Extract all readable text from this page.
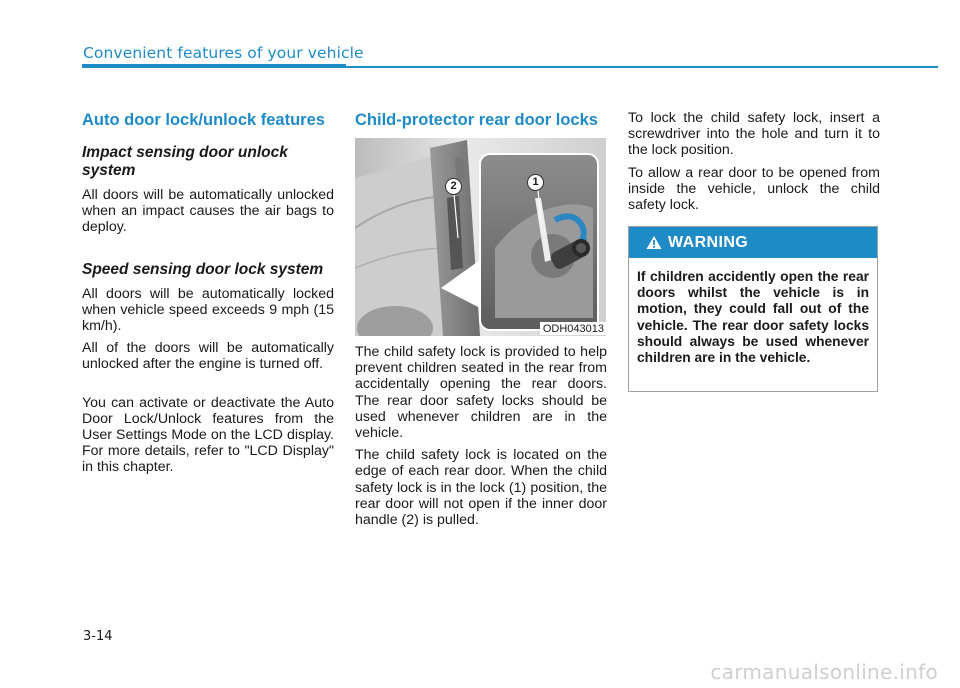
Convenient features of your vehicle
Auto door lock/unlock features
Impact sensing door unlock system

All doors will be automatically unlocked when an impact causes the air bags to deploy.

Speed sensing door lock system

All doors will be automatically locked when vehicle speed exceeds 9 mph (15 km/h).

All of the doors will be automatically unlocked after the engine is turned off.

You can activate or deactivate the Auto Door Lock/Unlock features from the User Settings Mode on the LCD display. For more details, refer to "LCD Display" in this chapter.

Child-protector rear door locks
1
2
ODH043013

The child safety lock is provided to help prevent children seated in the rear from accidentally opening the rear doors. The rear door safety locks should be used whenever children are in the vehicle.

The child safety lock is located on the edge of each rear door. When the child safety lock is in the lock (1) position, the rear door will not open if the inner door handle (2) is pulled.

To lock the child safety lock, insert a screwdriver into the hole and turn it to the lock position.

To allow a rear door to be opened from inside the vehicle, unlock the child safety lock.

WARNING
If children accidently open the rear doors whilst the vehicle is in motion, they could fall out of the vehicle. The rear door safety locks should always be used whenever children are in the vehicle.
3-14
carmanualsonline.info
